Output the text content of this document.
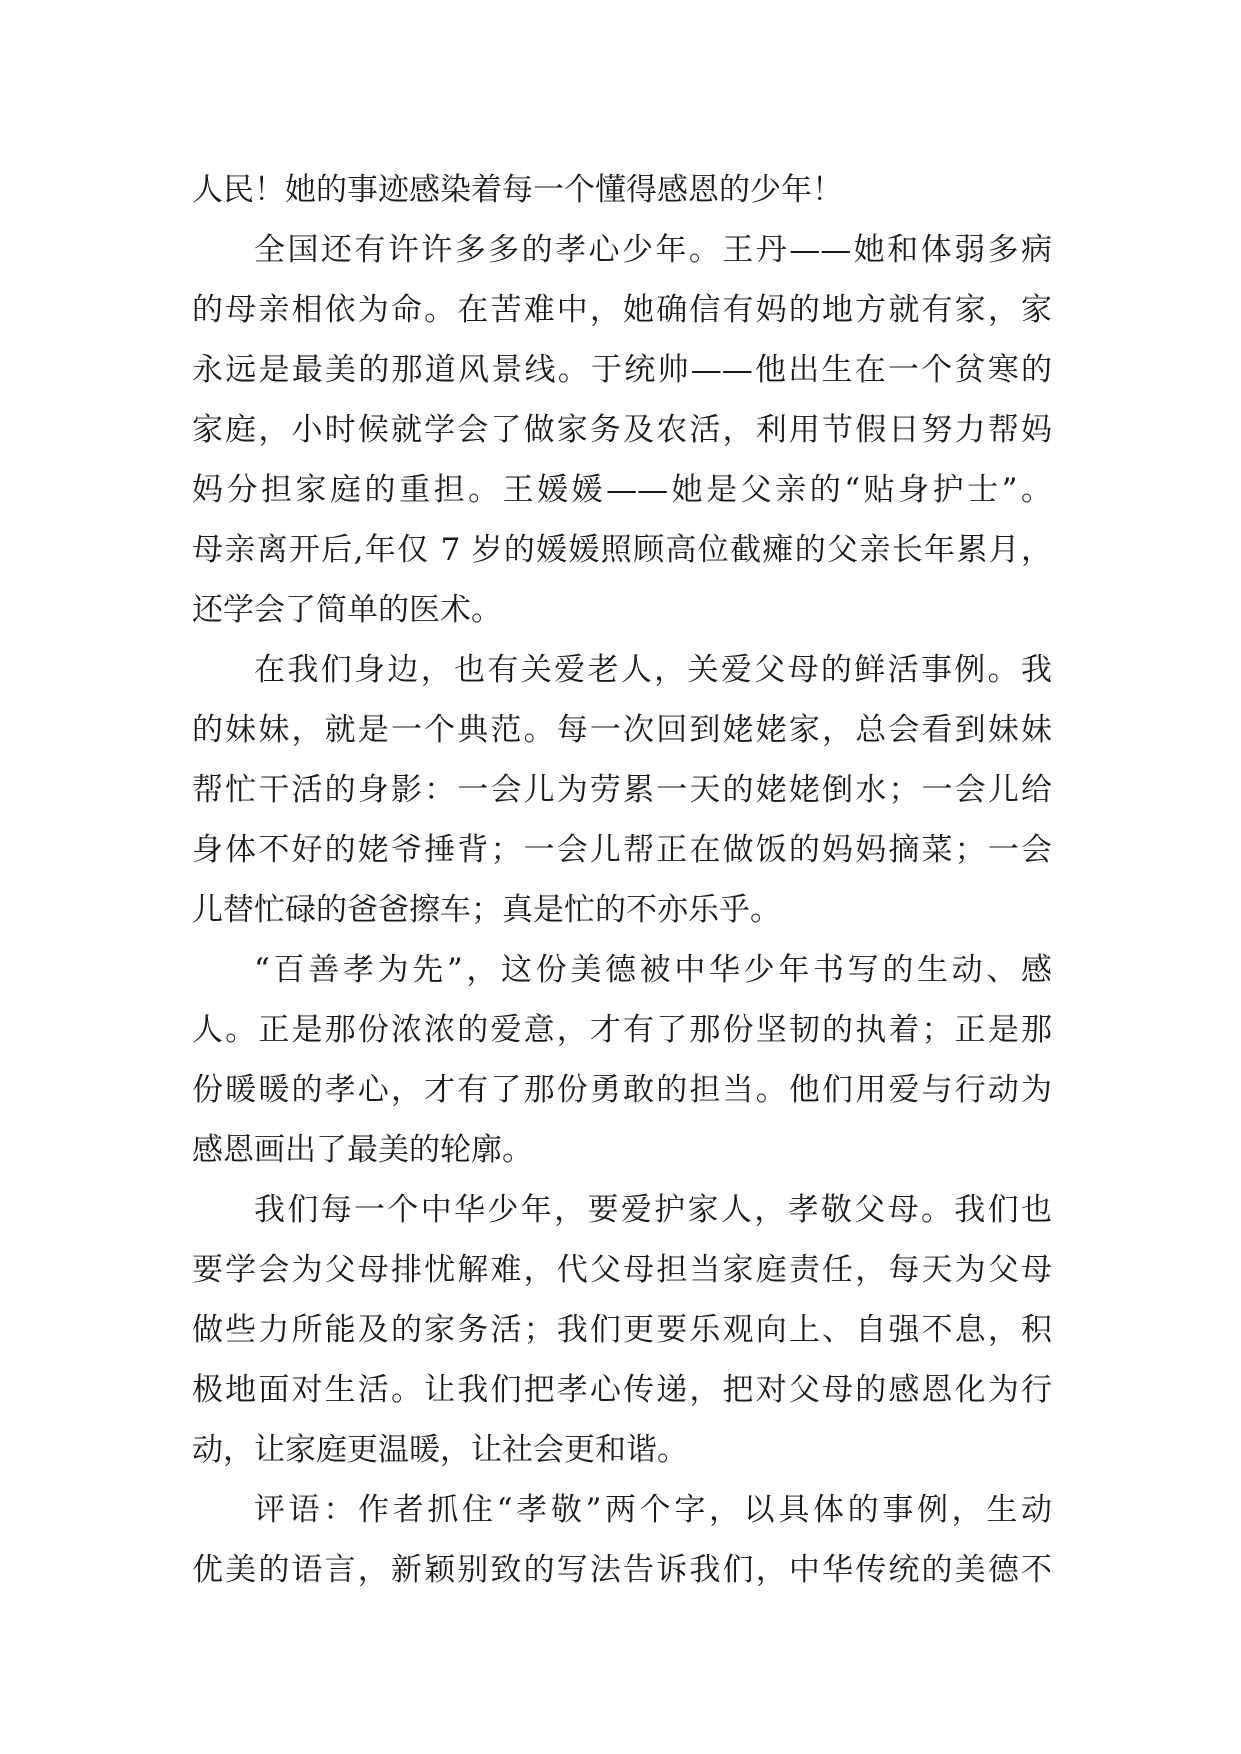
人民！她的事迹感染着每一个懂得感恩的少年！
全国还有许许多多的孝心少年。王丹——她和体弱多病
的母亲相依为命。在苦难中，她确信有妈的地方就有家，家
永远是最美的那道风景线。于统帅——他出生在一个贫寒的
家庭，小时候就学会了做家务及农活，利用节假日努力帮妈
妈分担家庭的重担。王媛媛——她是父亲的“贴身护士”。
母亲离开后,年仅 7 岁的媛媛照顾高位截瘫的父亲长年累月，
还学会了简单的医术。
在我们身边，也有关爱老人，关爱父母的鲜活事例。我
的妹妹，就是一个典范。每一次回到姥姥家，总会看到妹妹
帮忙干活的身影：一会儿为劳累一天的姥姥倒水；一会儿给
身体不好的姥爷捶背；一会儿帮正在做饭的妈妈摘菜；一会
儿替忙碌的爸爸擦车；真是忙的不亦乐乎。
“百善孝为先”，这份美德被中华少年书写的生动、感
人。正是那份浓浓的爱意，才有了那份坚韧的执着；正是那
份暖暖的孝心，才有了那份勇敢的担当。他们用爱与行动为
感恩画出了最美的轮廓。
我们每一个中华少年，要爱护家人，孝敬父母。我们也
要学会为父母排忧解难，代父母担当家庭责任，每天为父母
做些力所能及的家务活；我们更要乐观向上、自强不息，积
极地面对生活。让我们把孝心传递，把对父母的感恩化为行
动，让家庭更温暖，让社会更和谐。
评语：作者抓住“孝敬”两个字，以具体的事例，生动
优美的语言，新颖别致的写法告诉我们，中华传统的美德不
